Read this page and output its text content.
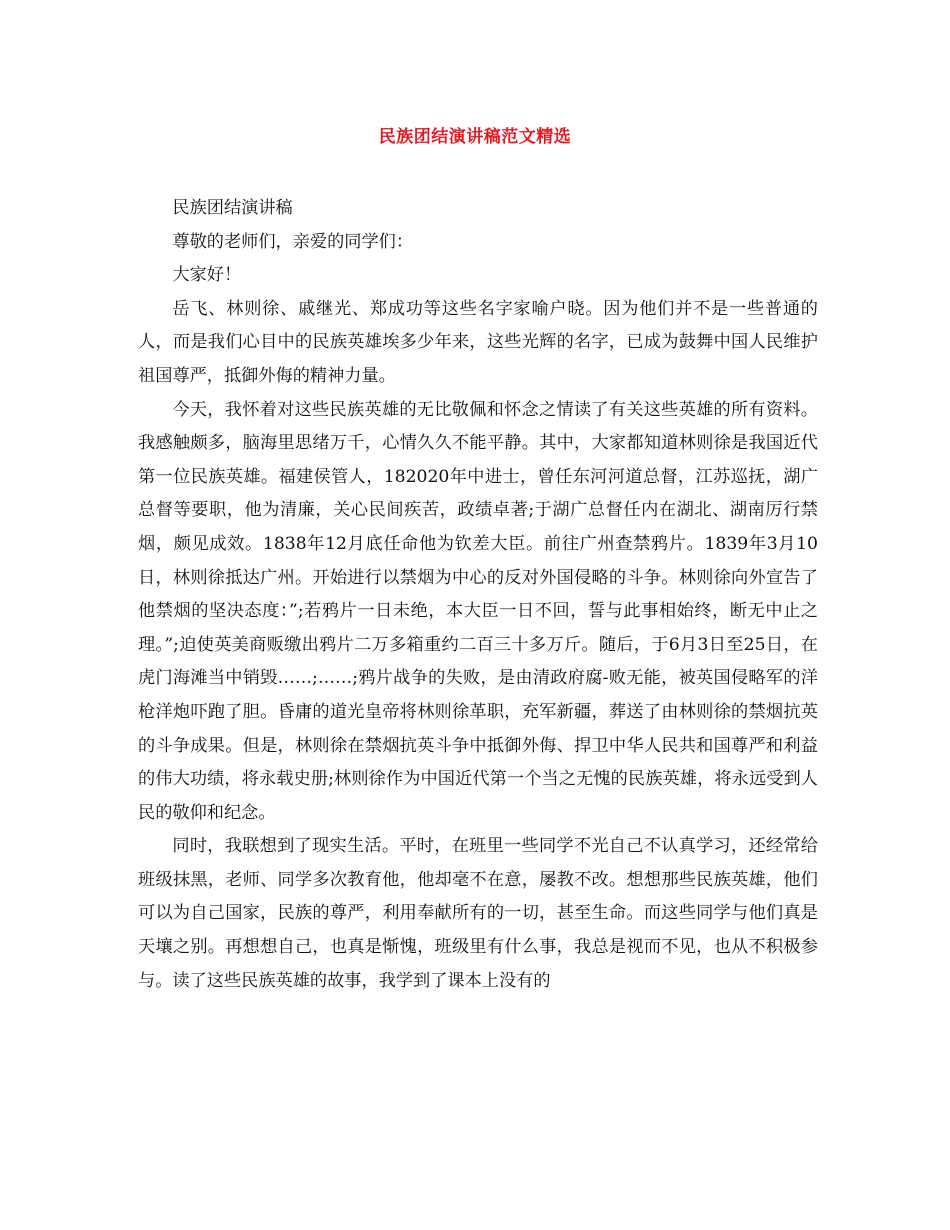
民族团结演讲稿范文精选

民族团结演讲稿

尊敬的老师们，亲爱的同学们：

大家好！

岳飞、林则徐、戚继光、郑成功等这些名字家喻户晓。因为他们并不是一些普通的人，而是我们心目中的民族英雄埃多少年来，这些光辉的名字，已成为鼓舞中国人民维护祖国尊严，抵御外侮的精神力量。

今天，我怀着对这些民族英雄的无比敬佩和怀念之情读了有关这些英雄的所有资料。我感触颇多，脑海里思绪万千，心情久久不能平静。其中，大家都知道林则徐是我国近代第一位民族英雄。福建侯管人，182020年中进士，曾任东河河道总督，江苏巡抚，湖广总督等要职，他为清廉，关心民间疾苦，政绩卓著;于湖广总督任内在湖北、湖南厉行禁烟，颇见成效。1838年12月底任命他为钦差大臣。前往广州查禁鸦片。1839年3月10日，林则徐抵达广州。开始进行以禁烟为中心的反对外国侵略的斗争。林则徐向外宣告了他禁烟的坚决态度：”;若鸦片一日未绝，本大臣一日不回，誓与此事相始终，断无中止之理。”;迫使英美商贩缴出鸦片二万多箱重约二百三十多万斤。随后，于6月3日至25日，在虎门海滩当中销毁……;……;鸦片战争的失败，是由清政府腐-败无能，被英国侵略军的洋枪洋炮吓跑了胆。昏庸的道光皇帝将林则徐革职，充军新疆，葬送了由林则徐的禁烟抗英的斗争成果。但是，林则徐在禁烟抗英斗争中抵御外侮、捍卫中华人民共和国尊严和利益的伟大功绩，将永载史册;林则徐作为中国近代第一个当之无愧的民族英雄，将永远受到人民的敬仰和纪念。

同时，我联想到了现实生活。平时，在班里一些同学不光自己不认真学习，还经常给班级抹黑，老师、同学多次教育他，他却毫不在意，屡教不改。想想那些民族英雄，他们可以为自己国家，民族的尊严，利用奉献所有的一切，甚至生命。而这些同学与他们真是天壤之别。再想想自己，也真是惭愧，班级里有什么事，我总是视而不见，也从不积极参与。读了这些民族英雄的故事，我学到了课本上没有的
